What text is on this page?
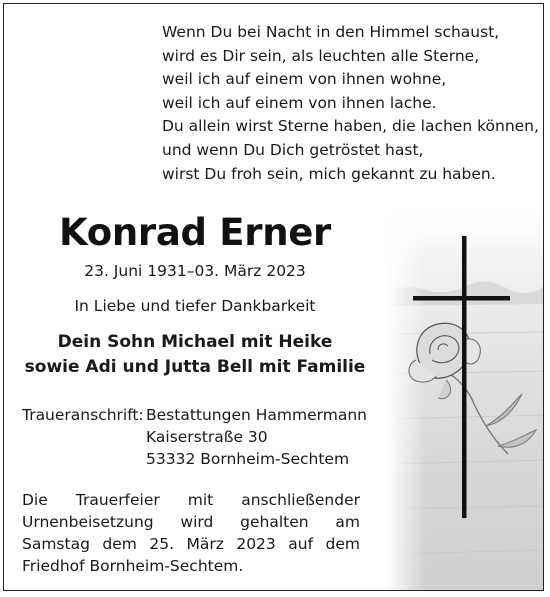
Wenn Du bei Nacht in den Himmel schaust,
wird es Dir sein, als leuchten alle Sterne,
weil ich auf einem von ihnen wohne,
weil ich auf einem von ihnen lache.
Du allein wirst Sterne haben, die lachen können,
und wenn Du Dich getröstet hast,
wirst Du froh sein, mich gekannt zu haben.
Konrad Erner
23. Juni 1931–03. März 2023
In Liebe und tiefer Dankbarkeit
Dein Sohn Michael mit Heike
sowie Adi und Jutta Bell mit Familie
Traueranschrift: Bestattungen Hammermann
Kaiserstraße 30
53332 Bornheim-Sechtem
Die Trauerfeier mit anschließender Urnenbeisetzung wird gehalten am Samstag dem 25. März 2023 auf dem Friedhof Bornheim-Sechtem.
